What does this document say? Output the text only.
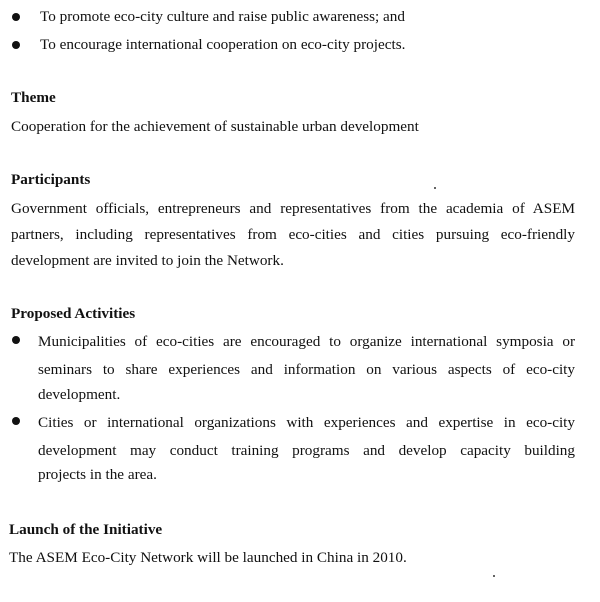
To promote eco-city culture and raise public awareness; and
To encourage international cooperation on eco-city projects.
Theme
Cooperation for the achievement of sustainable urban development
Participants
Government officials, entrepreneurs and representatives from the academia of ASEM
partners, including representatives from eco-cities and cities pursuing eco-friendly
development are invited to join the Network.
Proposed Activities
Municipalities of eco-cities are encouraged to organize international symposia or
seminars to share experiences and information on various aspects of eco-city
development.
Cities or international organizations with experiences and expertise in eco-city
development may conduct training programs and develop capacity building
projects in the area.
Launch of the Initiative
The ASEM Eco-City Network will be launched in China in 2010.
